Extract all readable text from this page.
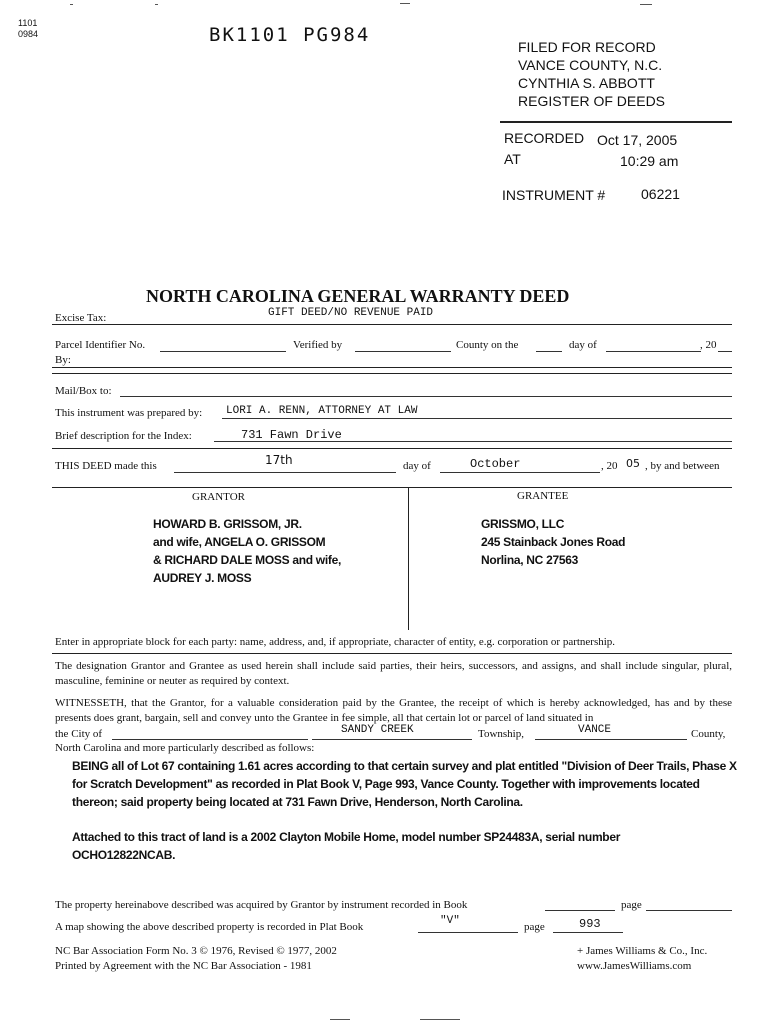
1101
0984	BK1101 PG984
FILED FOR RECORD
VANCE COUNTY, N.C.
CYNTHIA S. ABBOTT
REGISTER OF DEEDS
RECORDED Oct 17, 2005
AT	10:29 am
INSTRUMENT #	06221
NORTH CAROLINA GENERAL WARRANTY DEED
Excise Tax:	GIFT DEED/NO REVENUE PAID
Parcel Identifier No.	Verified by	County on the	day of	, 20
By:
Mail/Box to:
This instrument was prepared by: LORI A. RENN, ATTORNEY AT LAW
Brief description for the Index:	731 Fawn Drive
THIS DEED made this	17th	day of	October	, 20 05 , by and between
GRANTOR	GRANTEE
HOWARD B. GRISSOM, JR.
and wife, ANGELA O. GRISSOM
& RICHARD DALE MOSS and wife,
AUDREY J. MOSS
GRISSMO, LLC
245 Stainback Jones Road
Norlina, NC 27563
Enter in appropriate block for each party: name, address, and, if appropriate, character of entity, e.g. corporation or partnership.
The designation Grantor and Grantee as used herein shall include said parties, their heirs, successors, and assigns, and shall include singular, plural, masculine, feminine or neuter as required by context.
WITNESSETH, that the Grantor, for a valuable consideration paid by the Grantee, the receipt of which is hereby acknowledged, has and by these presents does grant, bargain, sell and convey unto the Grantee in fee simple, all that certain lot or parcel of land situated in
the City of	SANDY CREEK	Township,	VANCE	County,
North Carolina and more particularly described as follows:
BEING all of Lot 67 containing 1.61 acres according to that certain survey and plat entitled "Division of Deer Trails, Phase X for Scratch Development" as recorded in Plat Book V, Page 993, Vance County. Together with improvements located thereon; said property being located at 731 Fawn Drive, Henderson, North Carolina.
Attached to this tract of land is a 2002 Clayton Mobile Home, model number SP24483A, serial number OCHO12822NCAB.
The property hereinabove described was acquired by Grantor by instrument recorded in Book	page
A map showing the above described property is recorded in Plat Book	"V"	page	993
NC Bar Association Form No. 3 © 1976, Revised © 1977, 2002
Printed by Agreement with the NC Bar Association - 1981
+ James Williams & Co., Inc.
www.JamesWilliams.com
